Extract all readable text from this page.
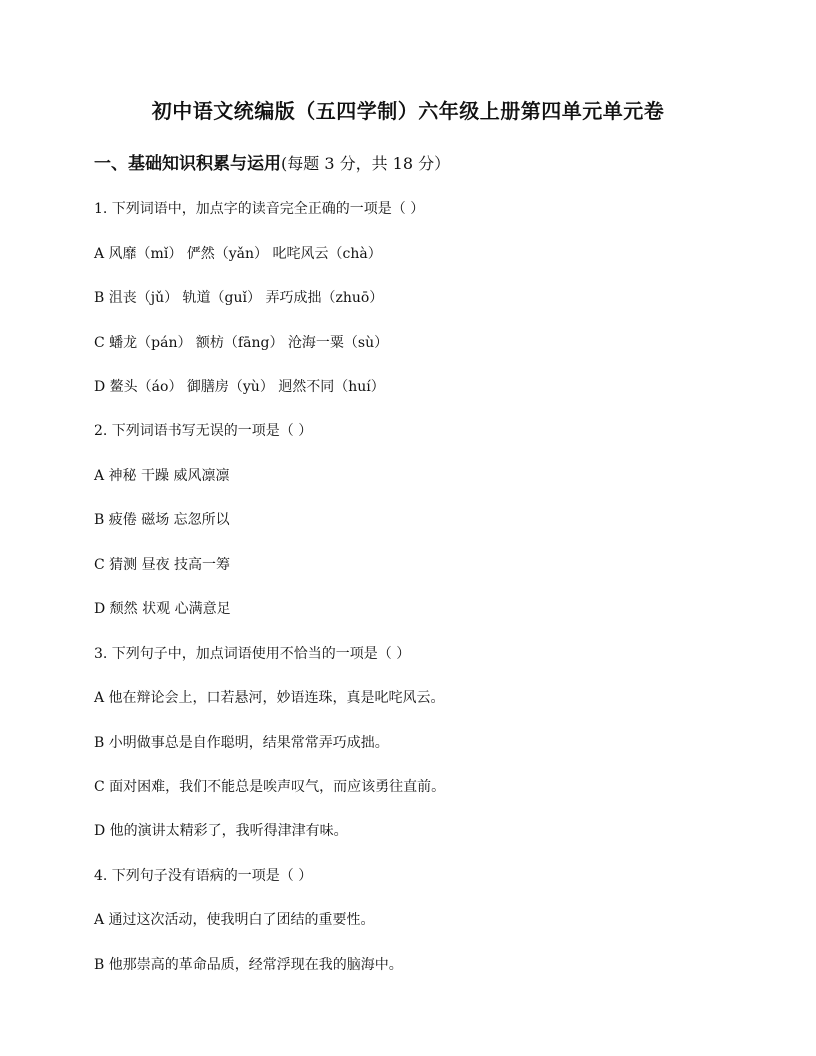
初中语文统编版（五四学制）六年级上册第四单元单元卷
一、基础知识积累与运用(每题 3 分，共 18 分）
1. 下列词语中，加点字的读音完全正确的一项是（ ）
A 风靡（mǐ） 俨然（yǎn） 叱咤风云（chà）
B 沮丧（jǔ） 轨道（guǐ） 弄巧成拙（zhuō）
C 蟠龙（pán） 额枋（fāng） 沧海一粟（sù）
D 鳌头（áo） 御膳房（yù） 迥然不同（huí）
2. 下列词语书写无误的一项是（ ）
A 神秘 干躁 威风凛凛
B 疲倦 磁场 忘忽所以
C 猜测 昼夜 技高一筹
D 颓然 状观 心满意足
3. 下列句子中，加点词语使用不恰当的一项是（ ）
A 他在辩论会上，口若悬河，妙语连珠，真是叱咤风云。
B 小明做事总是自作聪明，结果常常弄巧成拙。
C 面对困难，我们不能总是唉声叹气，而应该勇往直前。
D 他的演讲太精彩了，我听得津津有味。
4. 下列句子没有语病的一项是（ ）
A 通过这次活动，使我明白了团结的重要性。
B 他那崇高的革命品质，经常浮现在我的脑海中。
